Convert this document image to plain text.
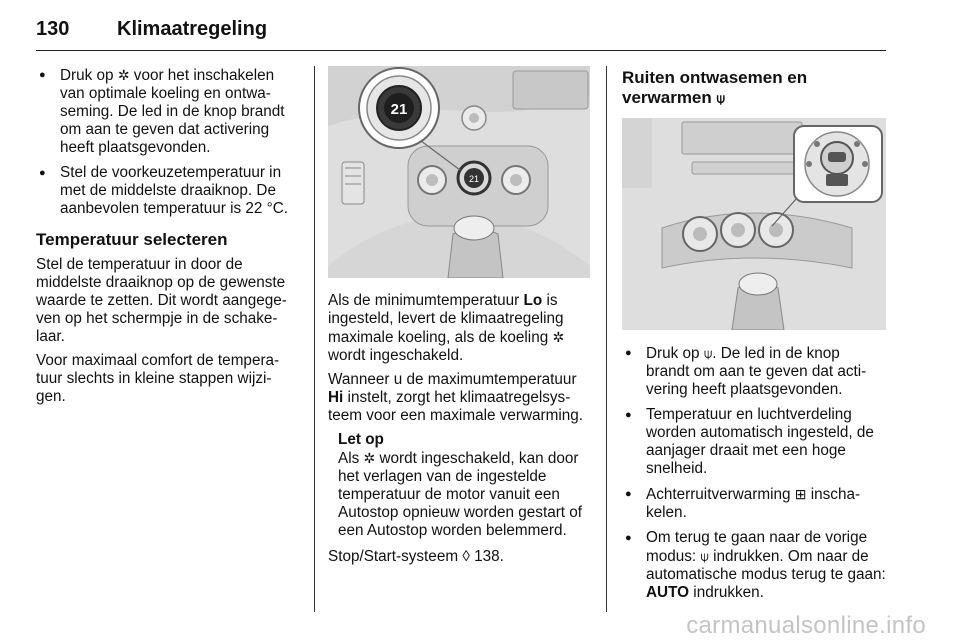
130 Klimaatregeling
● Druk op ✲ voor het inschakelen van optimale koeling en ontwa-seming. De led in de knop brandt om aan te geven dat activering heeft plaatsgevonden.
● Stel de voorkeuzetemperatuur in met de middelste draaiknop. De aanbevolen temperatuur is 22 °C.
Temperatuur selecteren

Stel de temperatuur in door de middelste draaiknop op de gewenste waarde te zetten. Dit wordt aangege-ven op het schermpje in de schake-laar.

Voor maximaal comfort de tempera-tuur slechts in kleine stappen wijzi-gen.

21
21

Als de minimumtemperatuur Lo is ingesteld, levert de klimaatregeling maximale koeling, als de koeling ✲ wordt ingeschakeld.

Wanneer u de maximumtemperatuur Hi instelt, zorgt het klimaatregelsys-teem voor een maximale verwarming.

Let op

Als ✲ wordt ingeschakeld, kan door het verlagen van de ingestelde temperatuur de motor vanuit een Autostop opnieuw worden gestart of een Autostop worden belemmerd.

Stop/Start-systeem ◊ 138.

Ruiten ontwasemen en verwarmen ⍦
● Druk op ⍦. De led in de knop brandt om aan te geven dat acti-vering heeft plaatsgevonden.
● Temperatuur en luchtverdeling worden automatisch ingesteld, de aanjager draait met een hoge snelheid.
● Achterruitverwarming ⊞ inscha-kelen.
● Om terug te gaan naar de vorige modus: ⍦ indrukken. Om naar de automatische modus terug te gaan: AUTO indrukken.
carmanualsonline.info
